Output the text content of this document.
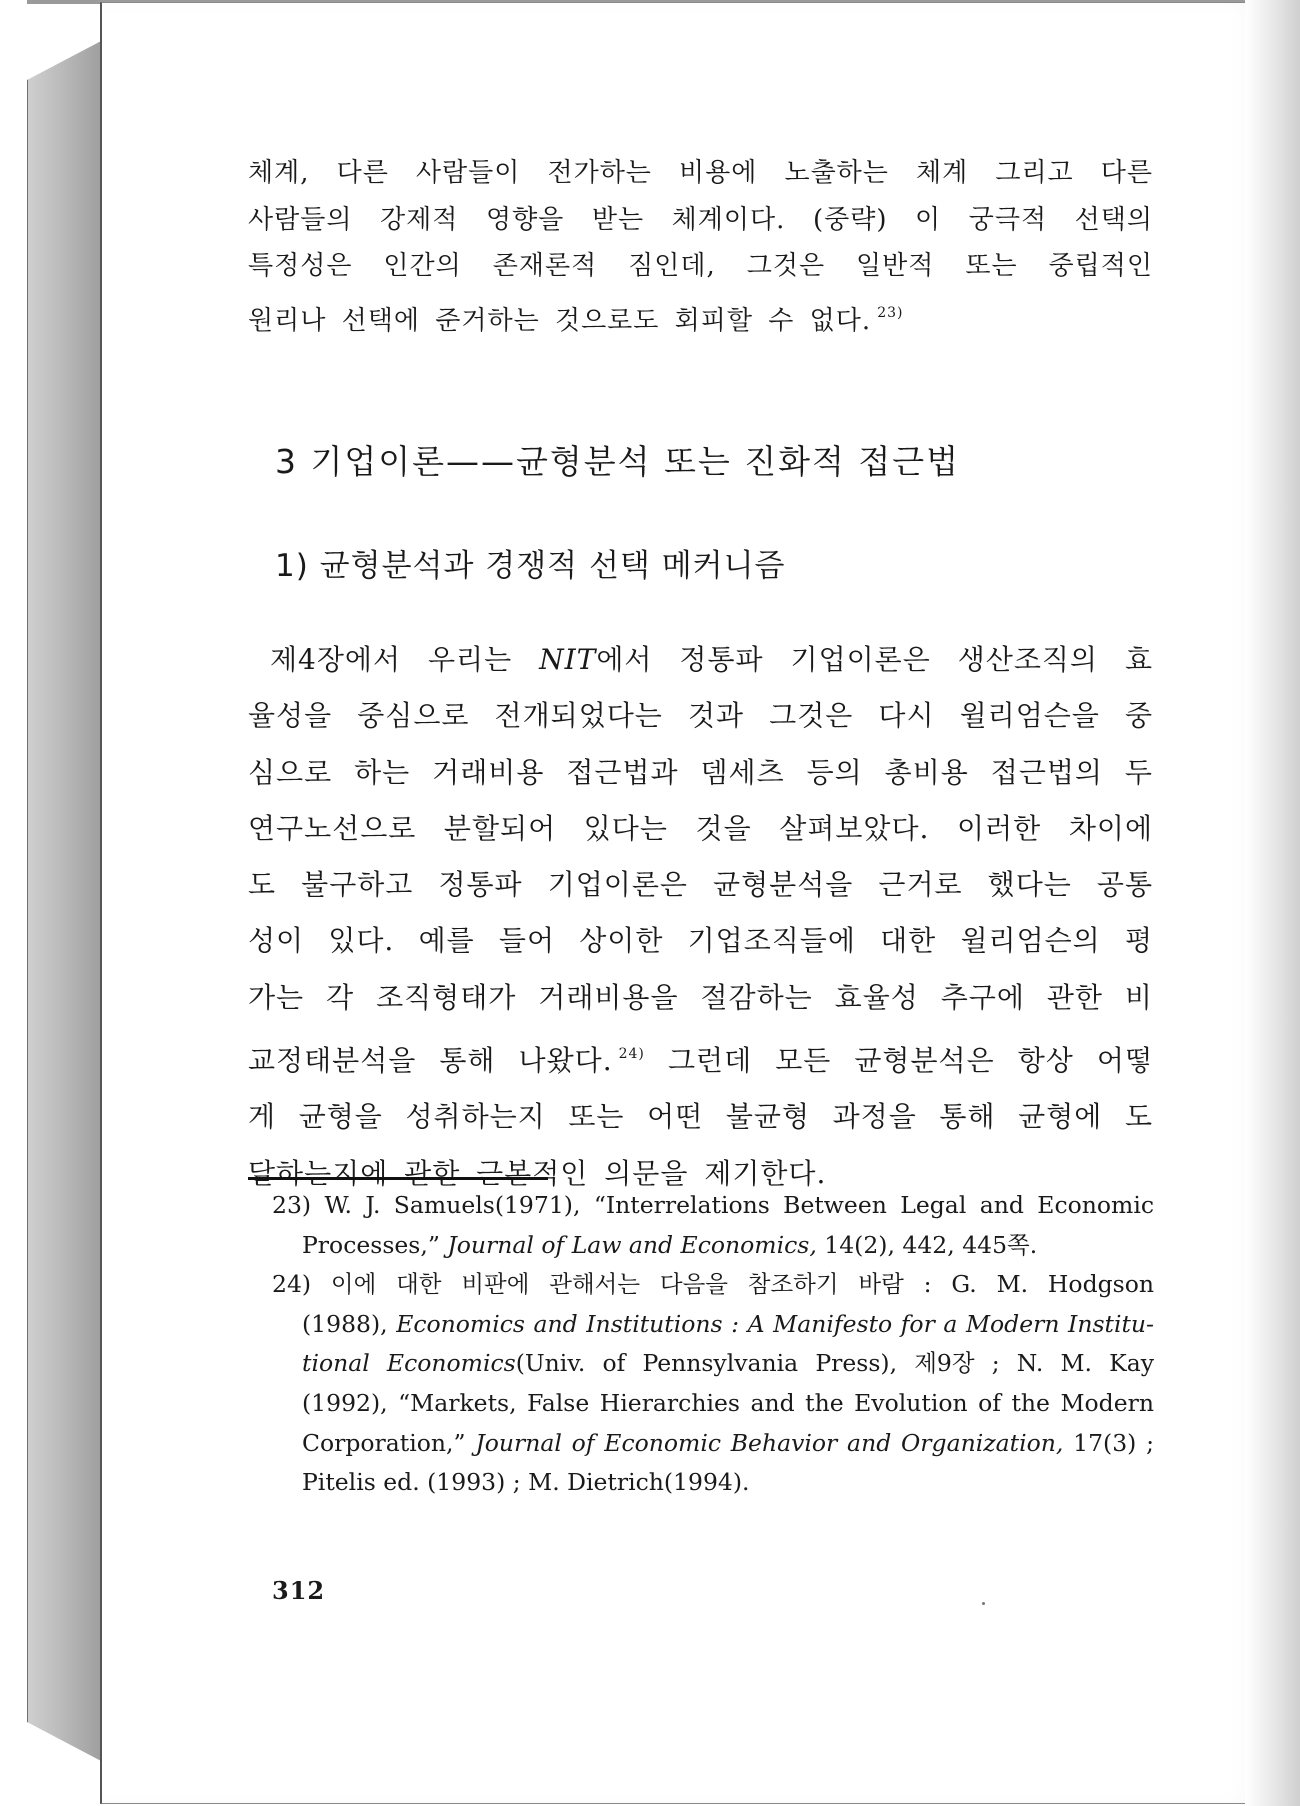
체계, 다른 사람들이 전가하는 비용에 노출하는 체계 그리고 다른

사람들의 강제적 영향을 받는 체계이다. (중략) 이 궁극적 선택의

특정성은 인간의 존재론적 짐인데, 그것은 일반적 또는 중립적인

원리나 선택에 준거하는 것으로도 회피할 수 없다. $^{23)}$

3 기업이론——균형분석 또는 진화적 접근법
1) 균형분석과 경쟁적 선택 메커니즘

제4장에서 우리는 NIT에서 정통파 기업이론은 생산조직의 효

율성을 중심으로 전개되었다는 것과 그것은 다시 윌리엄슨을 중

심으로 하는 거래비용 접근법과 뎀세츠 등의 총비용 접근법의 두

연구노선으로 분할되어 있다는 것을 살펴보았다. 이러한 차이에

도 불구하고 정통파 기업이론은 균형분석을 근거로 했다는 공통

성이 있다. 예를 들어 상이한 기업조직들에 대한 윌리엄슨의 평

가는 각 조직형태가 거래비용을 절감하는 효율성 추구에 관한 비

교정태분석을 통해 나왔다. $^{24)}$ 그런데 모든 균형분석은 항상 어떻

게 균형을 성취하는지 또는 어떤 불균형 과정을 통해 균형에 도

달하는지에 관한 근본적인 의문을 제기한다.

23) W. J. Samuels(1971), “Interrelations Between Legal and Economic
Processes,” Journal of Law and Economics, 14(2), 442, 445쪽.

24) 이에 대한 비판에 관해서는 다음을 참조하기 바람 : G. M. Hodgson
(1988), Economics and Institutions : A Manifesto for a Modern Institu-
tional Economics(Univ. of Pennsylvania Press), 제9장 ; N. M. Kay
(1992), “Markets, False Hierarchies and the Evolution of the Modern
Corporation,” Journal of Economic Behavior and Organization, 17(3) ;
Pitelis ed. (1993) ; M. Dietrich(1994).

312
